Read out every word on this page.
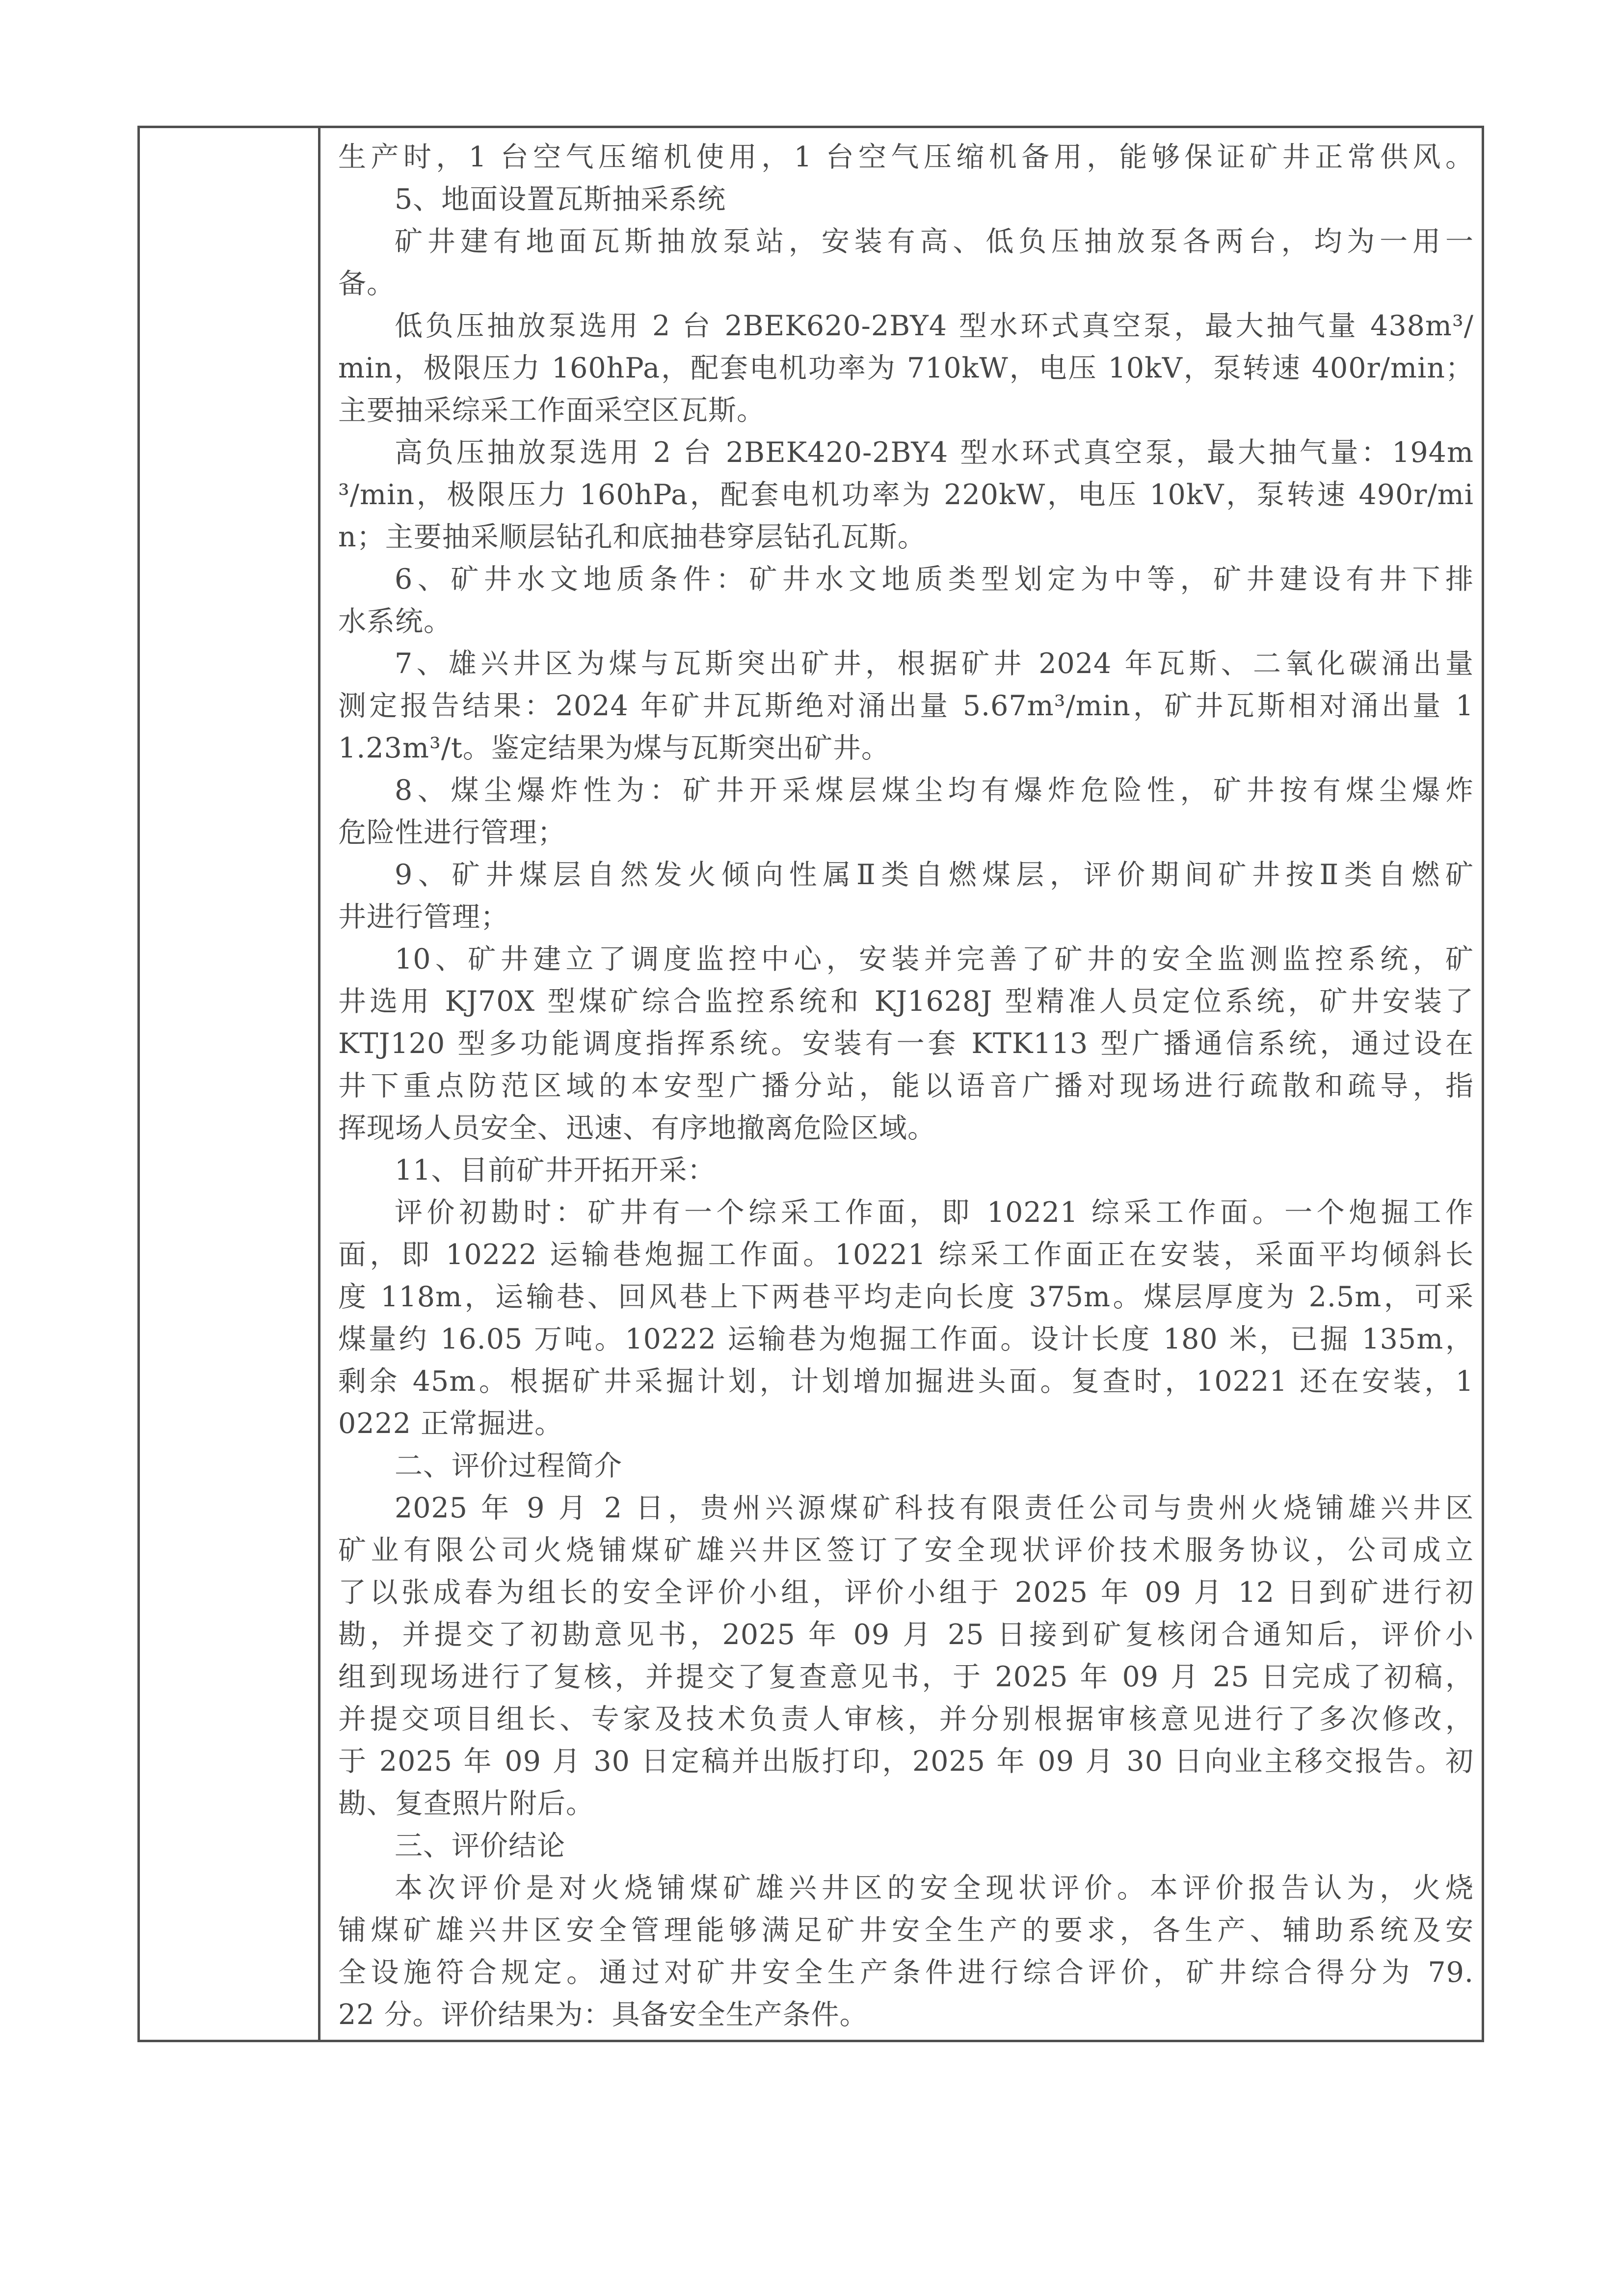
生产时，1 台空气压缩机使用，1 台空气压缩机备用，能够保证矿井正常供风。
5、地面设置瓦斯抽采系统
矿井建有地面瓦斯抽放泵站，安装有高、低负压抽放泵各两台，均为一用一
备。
低负压抽放泵选用 2 台 2BEK620-2BY4 型水环式真空泵，最大抽气量 438m³/
min，极限压力 160hPa，配套电机功率为 710kW，电压 10kV，泵转速 400r/min；
主要抽采综采工作面采空区瓦斯。
高负压抽放泵选用 2 台 2BEK420-2BY4 型水环式真空泵，最大抽气量：194m
³/min，极限压力 160hPa，配套电机功率为 220kW，电压 10kV，泵转速 490r/mi
n；主要抽采顺层钻孔和底抽巷穿层钻孔瓦斯。
6、矿井水文地质条件：矿井水文地质类型划定为中等，矿井建设有井下排
水系统。
7、雄兴井区为煤与瓦斯突出矿井，根据矿井 2024 年瓦斯、二氧化碳涌出量
测定报告结果：2024 年矿井瓦斯绝对涌出量 5.67m³/min，矿井瓦斯相对涌出量 1
1.23m³/t。鉴定结果为煤与瓦斯突出矿井。
8、煤尘爆炸性为：矿井开采煤层煤尘均有爆炸危险性，矿井按有煤尘爆炸
危险性进行管理；
9、矿井煤层自然发火倾向性属Ⅱ类自燃煤层，评价期间矿井按Ⅱ类自燃矿
井进行管理；
10、矿井建立了调度监控中心，安装并完善了矿井的安全监测监控系统，矿
井选用 KJ70X 型煤矿综合监控系统和 KJ1628J 型精准人员定位系统，矿井安装了
KTJ120 型多功能调度指挥系统。安装有一套 KTK113 型广播通信系统，通过设在
井下重点防范区域的本安型广播分站，能以语音广播对现场进行疏散和疏导，指
挥现场人员安全、迅速、有序地撤离危险区域。
11、目前矿井开拓开采：
评价初勘时：矿井有一个综采工作面，即 10221 综采工作面。一个炮掘工作
面，即 10222 运输巷炮掘工作面。10221 综采工作面正在安装，采面平均倾斜长
度 118m，运输巷、回风巷上下两巷平均走向长度 375m。煤层厚度为 2.5m，可采
煤量约 16.05 万吨。10222 运输巷为炮掘工作面。设计长度 180 米，已掘 135m，
剩余 45m。根据矿井采掘计划，计划增加掘进头面。复查时，10221 还在安装，1
0222 正常掘进。
二、评价过程简介
2025 年 9 月 2 日，贵州兴源煤矿科技有限责任公司与贵州火烧铺雄兴井区
矿业有限公司火烧铺煤矿雄兴井区签订了安全现状评价技术服务协议，公司成立
了以张成春为组长的安全评价小组，评价小组于 2025 年 09 月 12 日到矿进行初
勘，并提交了初勘意见书，2025 年 09 月 25 日接到矿复核闭合通知后，评价小
组到现场进行了复核，并提交了复查意见书，于 2025 年 09 月 25 日完成了初稿，
并提交项目组长、专家及技术负责人审核，并分别根据审核意见进行了多次修改，
于 2025 年 09 月 30 日定稿并出版打印，2025 年 09 月 30 日向业主移交报告。初
勘、复查照片附后。
三、评价结论
本次评价是对火烧铺煤矿雄兴井区的安全现状评价。本评价报告认为，火烧
铺煤矿雄兴井区安全管理能够满足矿井安全生产的要求，各生产、辅助系统及安
全设施符合规定。通过对矿井安全生产条件进行综合评价，矿井综合得分为 79.
22 分。评价结果为：具备安全生产条件。
